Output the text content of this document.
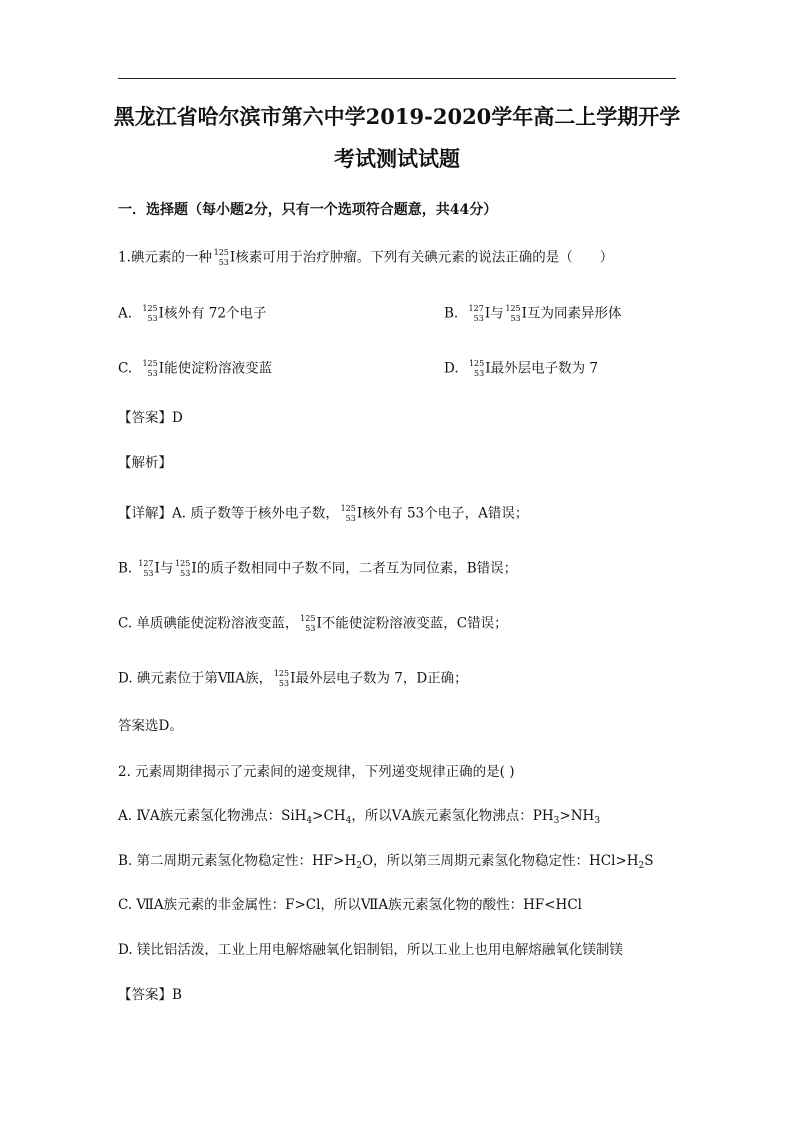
黑龙江省哈尔滨市第六中学2019-2020学年高二上学期开学
考试测试试题
一．选择题（每小题2分，只有一个选项符合题意，共44分）
1.碘元素的一种 125
53 I核素可用于治疗肿瘤。下列有关碘元素的说法正确的是（　　）
A. 125
53 I核外有 72个电子	B. 127
53 I与 125
53 I互为同素异形体
C. 125
53 I能使淀粉溶液变蓝	D. 125
53 I最外层电子数为 7
【答案】D
【解析】
【详解】A. 质子数等于核外电子数， 125
53 I核外有 53个电子，A错误；
B. 127
53 I与 125
53 I的质子数相同中子数不同，二者互为同位素，B错误；
C. 单质碘能使淀粉溶液变蓝， 125
53 I不能使淀粉溶液变蓝，C错误；
D. 碘元素位于第ⅦA族， 125
53 I最外层电子数为 7，D正确；
答案选D。
2. 元素周期律揭示了元素间的递变规律，下列递变规律正确的是( )
A. ⅣA族元素氢化物沸点：$SiH_4>CH_4$，所以ⅤA族元素氢化物沸点：$PH_3>NH_3$
B. 第二周期元素氢化物稳定性：$HF>H_2O$，所以第三周期元素氢化物稳定性：$HCl>H_2S$
C. ⅦA族元素的非金属性：F>Cl，所以ⅦA族元素氢化物的酸性：HF<HCl
D. 镁比铝活泼，工业上用电解熔融氧化铝制铝，所以工业上也用电解熔融氧化镁制镁
【答案】B
